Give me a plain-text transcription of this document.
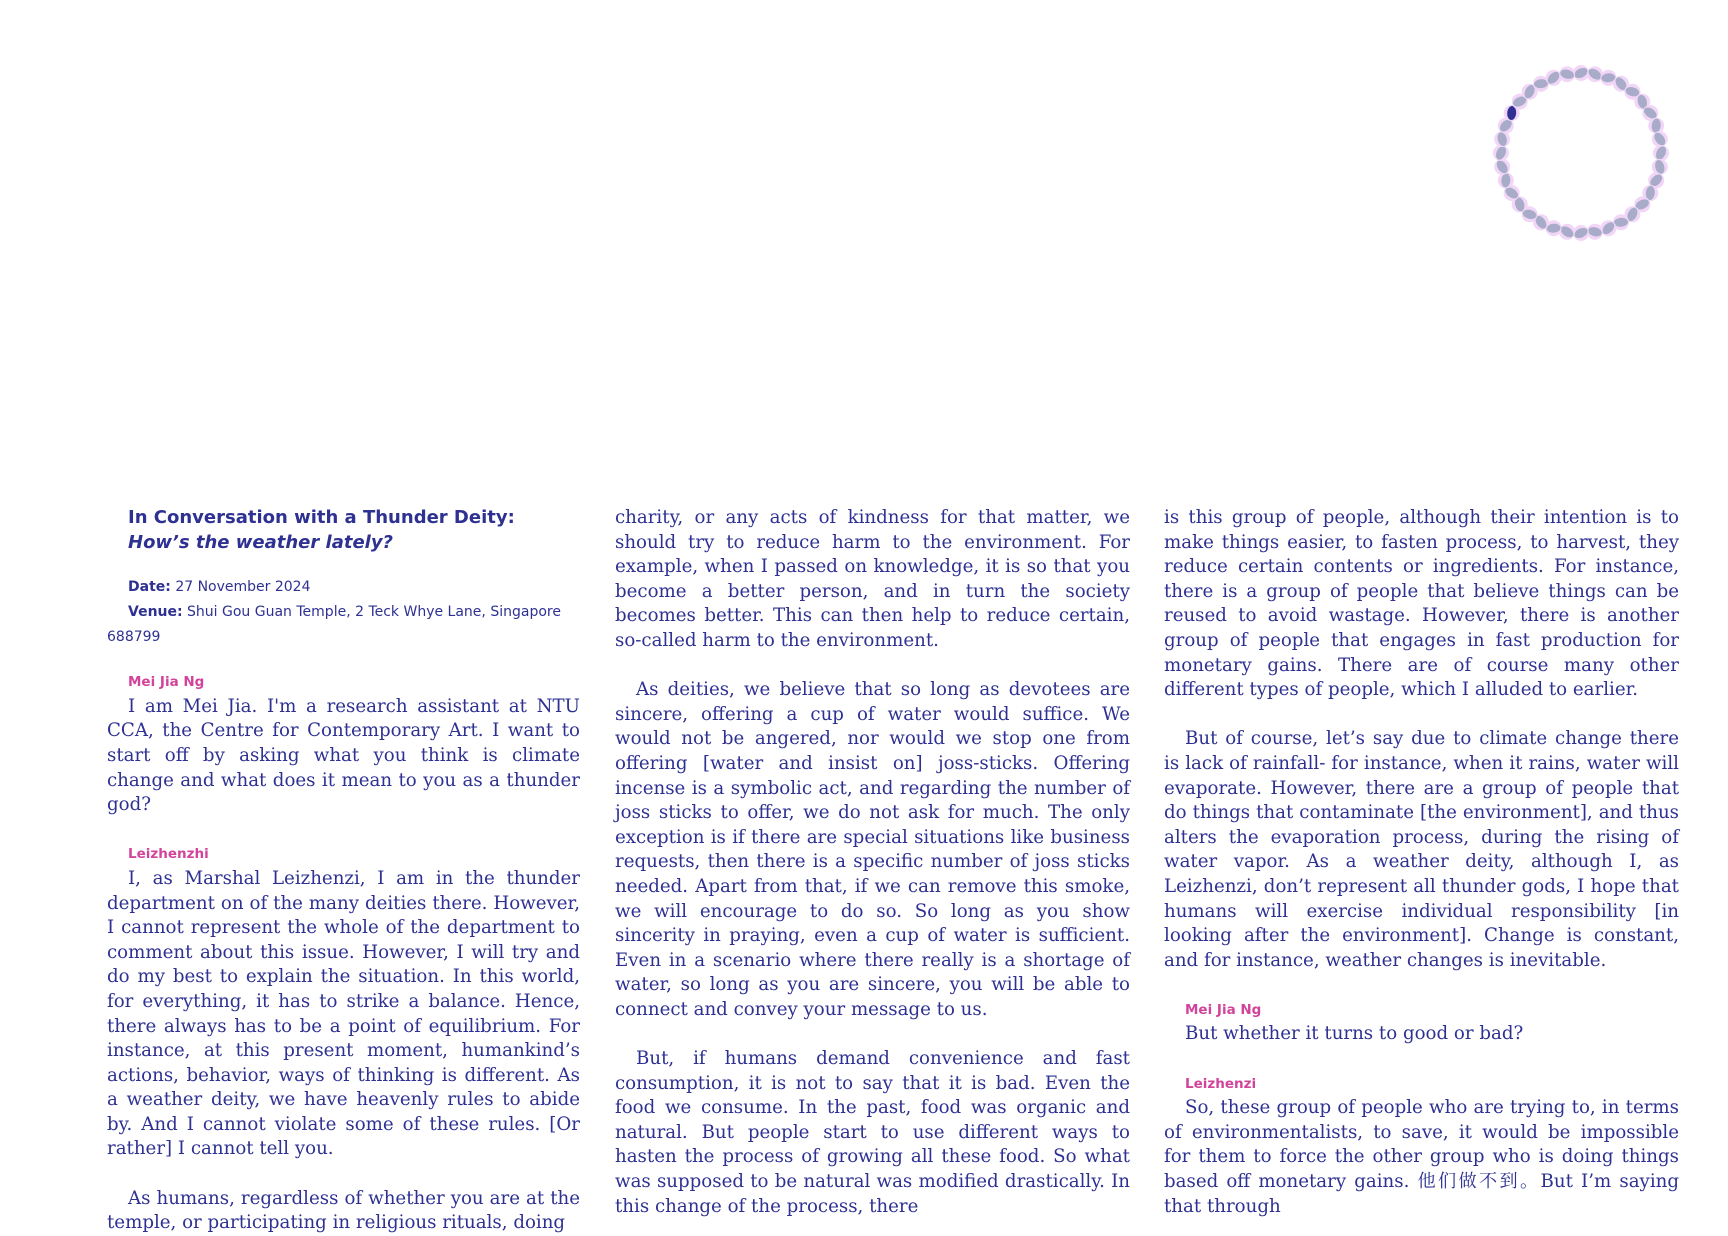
In Conversation with a Thunder Deity:

How’s the weather lately?

Date: 27 November 2024

Venue: Shui Gou Guan Temple, 2 Teck Whye Lane, Singapore 688799

Mei Jia Ng

I am Mei Jia. I'm a research assistant at NTU CCA, the Centre for Contemporary Art. I want to start off by asking what you think is climate change and what does it mean to you as a thunder god?

Leizhenzhi

I, as Marshal Leizhenzi, I am in the thunder department on of the many deities there. However, I cannot represent the whole of the department to comment about this issue. However, I will try and do my best to explain the situation. In this world, for everything, it has to strike a balance. Hence, there always has to be a point of equilibrium. For instance, at this present moment, humankind’s actions, behavior, ways of thinking is different. As a weather deity, we have heavenly rules to abide by. And I cannot violate some of these rules. [Or rather] I cannot tell you.

As humans, regardless of whether you are at the temple, or participating in religious rituals, doing

charity, or any acts of kindness for that matter, we should try to reduce harm to the environment. For example, when I passed on knowledge, it is so that you become a better person, and in turn the society becomes better. This can then help to reduce certain, so-called harm to the environment.

As deities, we believe that so long as devotees are sincere, offering a cup of water would suffice. We would not be angered, nor would we stop one from offering [water and insist on] joss-sticks. Offering incense is a symbolic act, and regarding the number of joss sticks to offer, we do not ask for much. The only exception is if there are special situations like business requests, then there is a specific number of joss sticks needed. Apart from that, if we can remove this smoke, we will encourage to do so. So long as you show sincerity in praying, even a cup of water is sufficient. Even in a scenario where there really is a shortage of water, so long as you are sincere, you will be able to connect and convey your message to us.

But, if humans demand convenience and fast consumption, it is not to say that it is bad. Even the food we consume. In the past, food was organic and natural. But people start to use different ways to hasten the process of growing all these food. So what was supposed to be natural was modified drastically. In this change of the process, there

is this group of people, although their intention is to make things easier, to fasten process, to harvest, they reduce certain contents or ingredients. For instance, there is a group of people that believe things can be reused to avoid wastage. However, there is another group of people that engages in fast production for monetary gains. There are of course many other different types of people, which I alluded to earlier.

But of course, let’s say due to climate change there is lack of rainfall- for instance, when it rains, water will evaporate. However, there are a group of people that do things that contaminate [the environment], and thus alters the evaporation process, during the rising of water vapor. As a weather deity, although I, as Leizhenzi, don’t represent all thunder gods, I hope that humans will exercise individual responsibility [in looking after the environment]. Change is constant, and for instance, weather changes is inevitable.

Mei Jia Ng

But whether it turns to good or bad?

Leizhenzi

So, these group of people who are trying to, in terms of environmentalists, to save, it would be impossible for them to force the other group who is doing things based off monetary gains. 他们做不到。But I’m saying that through
